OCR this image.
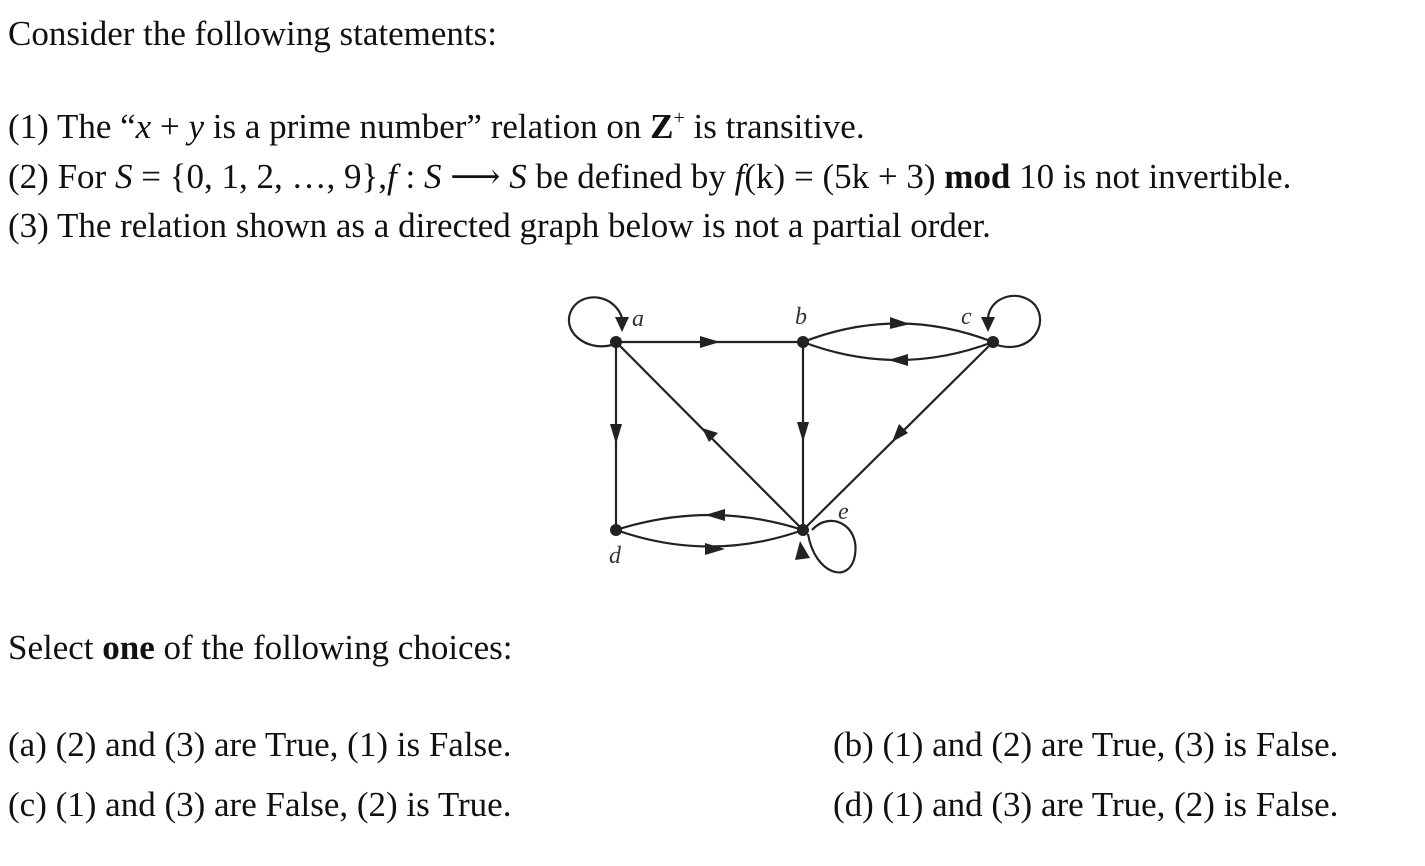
Consider the following statements:
(1) The “x + y is a prime number” relation on Z+ is transitive.
(2) For S = {0, 1, 2, …, 9},f : S ⟶ S be defined by f(k) = (5k + 3) mod 10 is not invertible.
(3) The relation shown as a directed graph below is not a partial order.
a	b	c
d
e
Select one of the following choices:
(a) (2) and (3) are True, (1) is False.	(b) (1) and (2) are True, (3) is False.
(c) (1) and (3) are False, (2) is True.	(d) (1) and (3) are True, (2) is False.
